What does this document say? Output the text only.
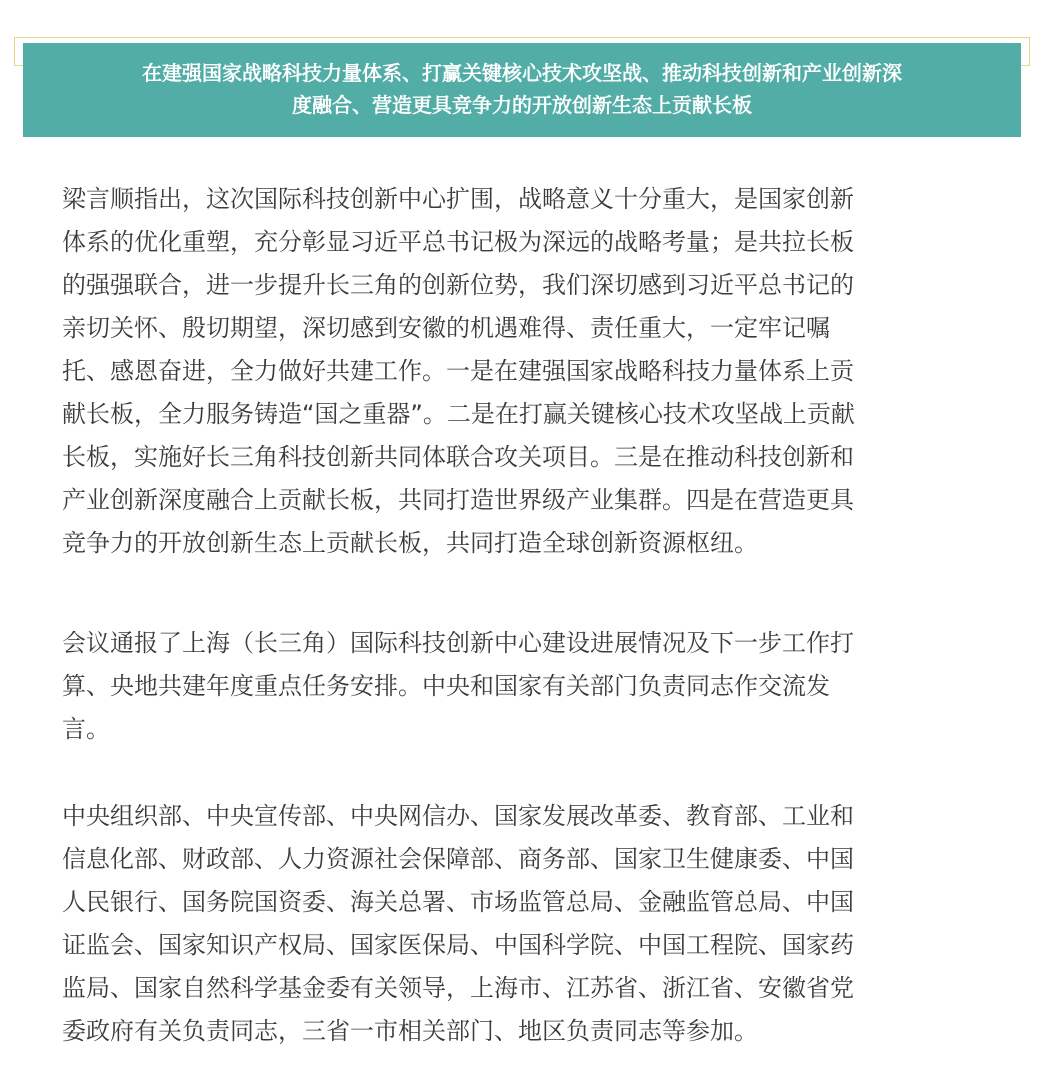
在建强国家战略科技力量体系、打赢关键核心技术攻坚战、推动科技创新和产业创新深
度融合、营造更具竞争力的开放创新生态上贡献长板
梁言顺指出，这次国际科技创新中心扩围，战略意义十分重大，是国家创新
体系的优化重塑，充分彰显习近平总书记极为深远的战略考量；是共拉长板
的强强联合，进一步提升长三角的创新位势，我们深切感到习近平总书记的
亲切关怀、殷切期望，深切感到安徽的机遇难得、责任重大，一定牢记嘱
托、感恩奋进，全力做好共建工作。一是在建强国家战略科技力量体系上贡
献长板，全力服务铸造“国之重器”。二是在打赢关键核心技术攻坚战上贡献
长板，实施好长三角科技创新共同体联合攻关项目。三是在推动科技创新和
产业创新深度融合上贡献长板，共同打造世界级产业集群。四是在营造更具
竞争力的开放创新生态上贡献长板，共同打造全球创新资源枢纽。
会议通报了上海（长三角）国际科技创新中心建设进展情况及下一步工作打
算、央地共建年度重点任务安排。中央和国家有关部门负责同志作交流发
言。
中央组织部、中央宣传部、中央网信办、国家发展改革委、教育部、工业和
信息化部、财政部、人力资源社会保障部、商务部、国家卫生健康委、中国
人民银行、国务院国资委、海关总署、市场监管总局、金融监管总局、中国
证监会、国家知识产权局、国家医保局、中国科学院、中国工程院、国家药
监局、国家自然科学基金委有关领导，上海市、江苏省、浙江省、安徽省党
委政府有关负责同志，三省一市相关部门、地区负责同志等参加。
